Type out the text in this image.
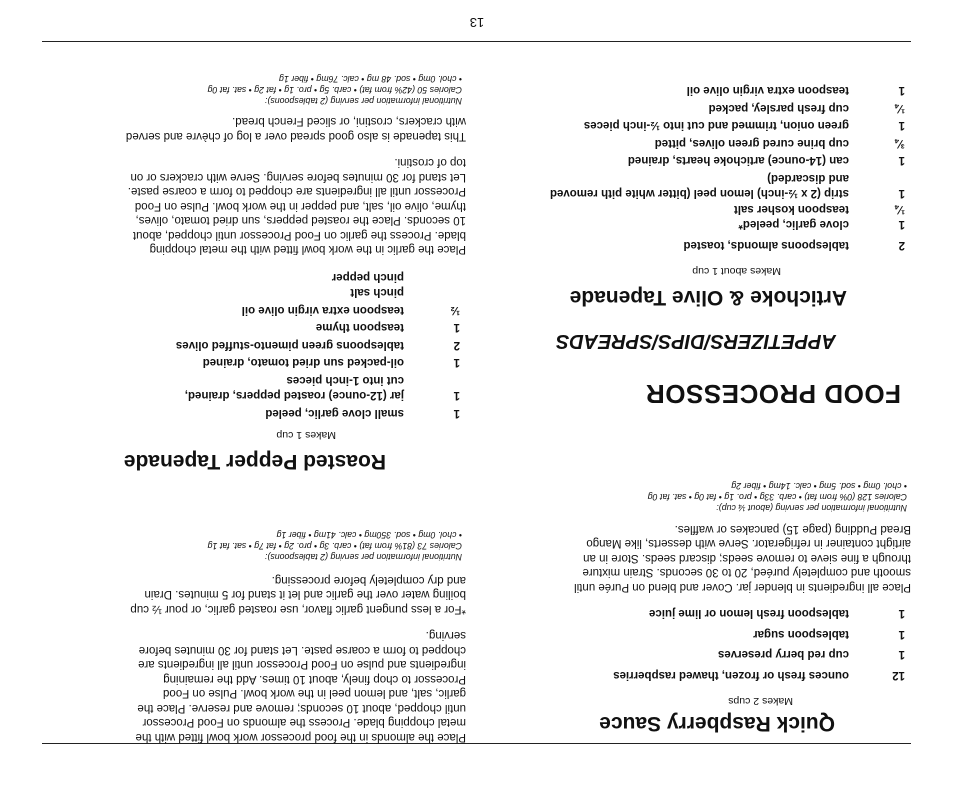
13

Quick Raspberry Sauce

Makes 2 cups

12
ounces fresh or frozen, thawed raspberries
1
cup red berry preserves
1
tablespoon sugar
1
tablespoon fresh lemon or lime juice

Place all ingredients in blender jar. Cover and blend on Purée until

smooth and completely puréed, 20 to 30 seconds. Strain mixture

through a fine sieve to remove seeds; discard seeds. Store in an

airtight container in refrigerator. Serve with desserts, like Mango

Bread Pudding (page 15) pancakes or waffles.

Nutritional information per serving (about ¼ cup):

Calories 128 (0% from fat) • carb. 33g • pro. 1g • fat 0g • sat. fat 0g

• chol. 0mg • sod. 5mg • calc. 14mg • fiber 2g

FOOD PROCESSOR

APPETIZERS/DIPS/SPREADS

Artichoke & Olive Tapenade

Makes about 1 cup

2
tablespoons almonds, toasted
1
clove garlic, peeled*
¼
teaspoon kosher salt
1
strip (2 x ½-inch) lemon peel (bitter white pith removed
and discarded)
1
can (14-ounce) artichoke hearts, drained
¾
cup brine cured green olives, pitted
1
green onion, trimmed and cut into ½-inch pieces
¼
cup fresh parsley, packed
1
teaspoon extra virgin olive oil

Place the almonds in the food processor work bowl fitted with the

metal chopping blade. Process the almonds on Food Processor

until chopped, about 10 seconds; remove and reserve. Place the

garlic, salt, and lemon peel in the work bowl. Pulse on Food

Processor to chop finely, about 10 times. Add the remaining

ingredients and pulse on Food Processor until all ingredients are

chopped to form a coarse paste. Let stand for 30 minutes before

serving.

*For a less pungent garlic flavor, use roasted garlic, or pour ½ cup

boiling water over the garlic and let it stand for 5 minutes. Drain

and dry completely before processing.

Nutritional information per serving (2 tablespoons):

Calories 73 (81% from fat) • carb. 3g • pro. 2g • fat 7g • sat. fat 1g

• chol. 0mg • sod. 350mg • calc. 41mg • fiber 1g

Roasted Pepper Tapenade

Makes 1 cup

1
small clove garlic, peeled
1
jar (12-ounce) roasted peppers, drained,
cut into 1-inch pieces
1
oil-packed sun dried tomato, drained
2
tablespoons green pimento-stuffed olives
1
teaspoon thyme
½
teaspoon extra virgin olive oil
pinch salt
pinch pepper

Place the garlic in the work bowl fitted with the metal chopping

blade. Process the garlic on Food Processor until chopped, about

10 seconds. Place the roasted peppers, sun dried tomato, olives,

thyme, olive oil, salt, and pepper in the work bowl. Pulse on Food

Processor until all ingredients are chopped to form a coarse paste.

Let stand for 30 minutes before serving. Serve with crackers or on

top of crostini.

This tapenade is also good spread over a log of chèvre and served

with crackers, crostini, or sliced French bread.

Nutritional information per serving (2 tablespoons):

Calories 50 (42% from fat) • carb. 5g • pro. 1g • fat 2g • sat. fat 0g

• chol. 0mg • sod. 48 mg • calc. 76mg • fiber 1g
